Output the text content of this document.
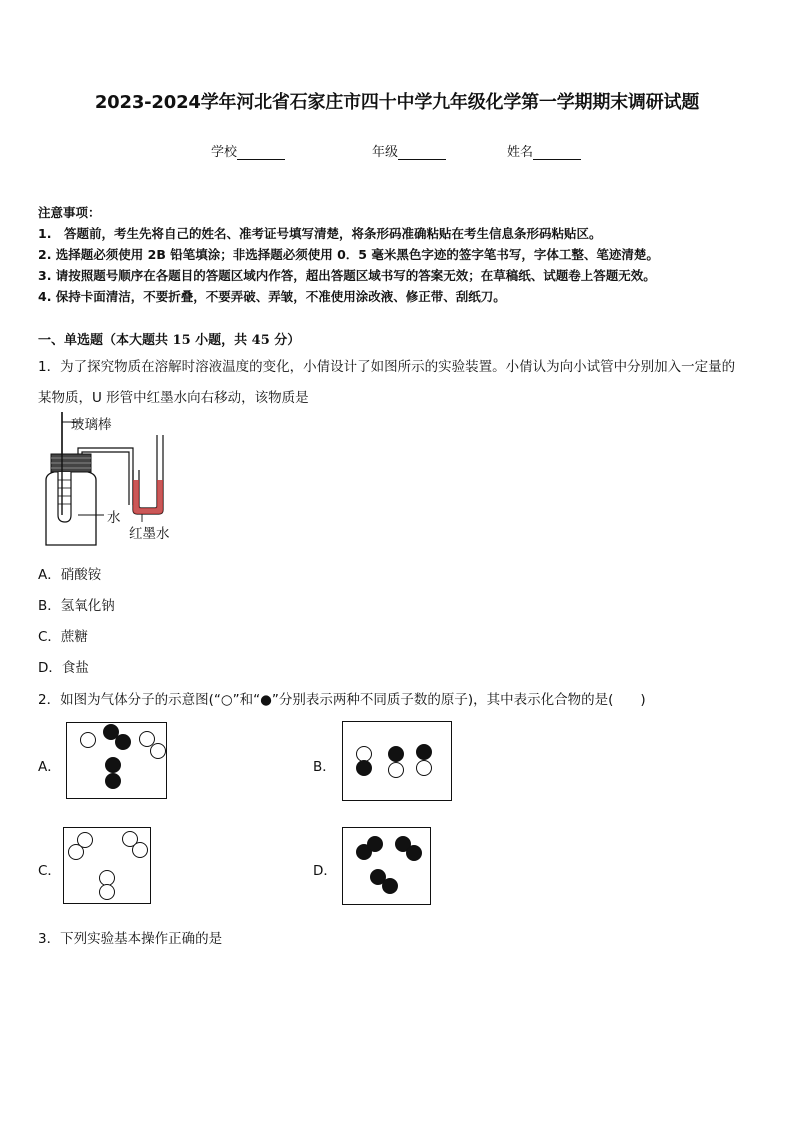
2023-2024学年河北省石家庄市四十中学九年级化学第一学期期末调研试题
学校	年级	姓名
注意事项：
1.　答题前，考生先将自己的姓名、准考证号填写清楚，将条形码准确粘贴在考生信息条形码粘贴区。
2. 选择题必须使用 2B 铅笔填涂；非选择题必须使用 0．5 毫米黑色字迹的签字笔书写，字体工整、笔迹清楚。
3. 请按照题号顺序在各题目的答题区域内作答，超出答题区域书写的答案无效；在草稿纸、试题卷上答题无效。
4. 保持卡面清洁，不要折叠，不要弄破、弄皱，不准使用涂改液、修正带、刮纸刀。
一、单选题（本大题共 15 小题，共 45 分）
1．为了探究物质在溶解时溶液温度的变化，小倩设计了如图所示的实验装置。小倩认为向小试管中分别加入一定量的
某物质，U 形管中红墨水向右移动，该物质是
玻璃棒
水
红墨水
A．硝酸铵
B．氢氧化钠
C．蔗糖
D．食盐
2．如图为气体分子的示意图(“○”和“●”分别表示两种不同质子数的原子)，其中表示化合物的是(　　)
A．	B．
C．	D．
3．下列实验基本操作正确的是
